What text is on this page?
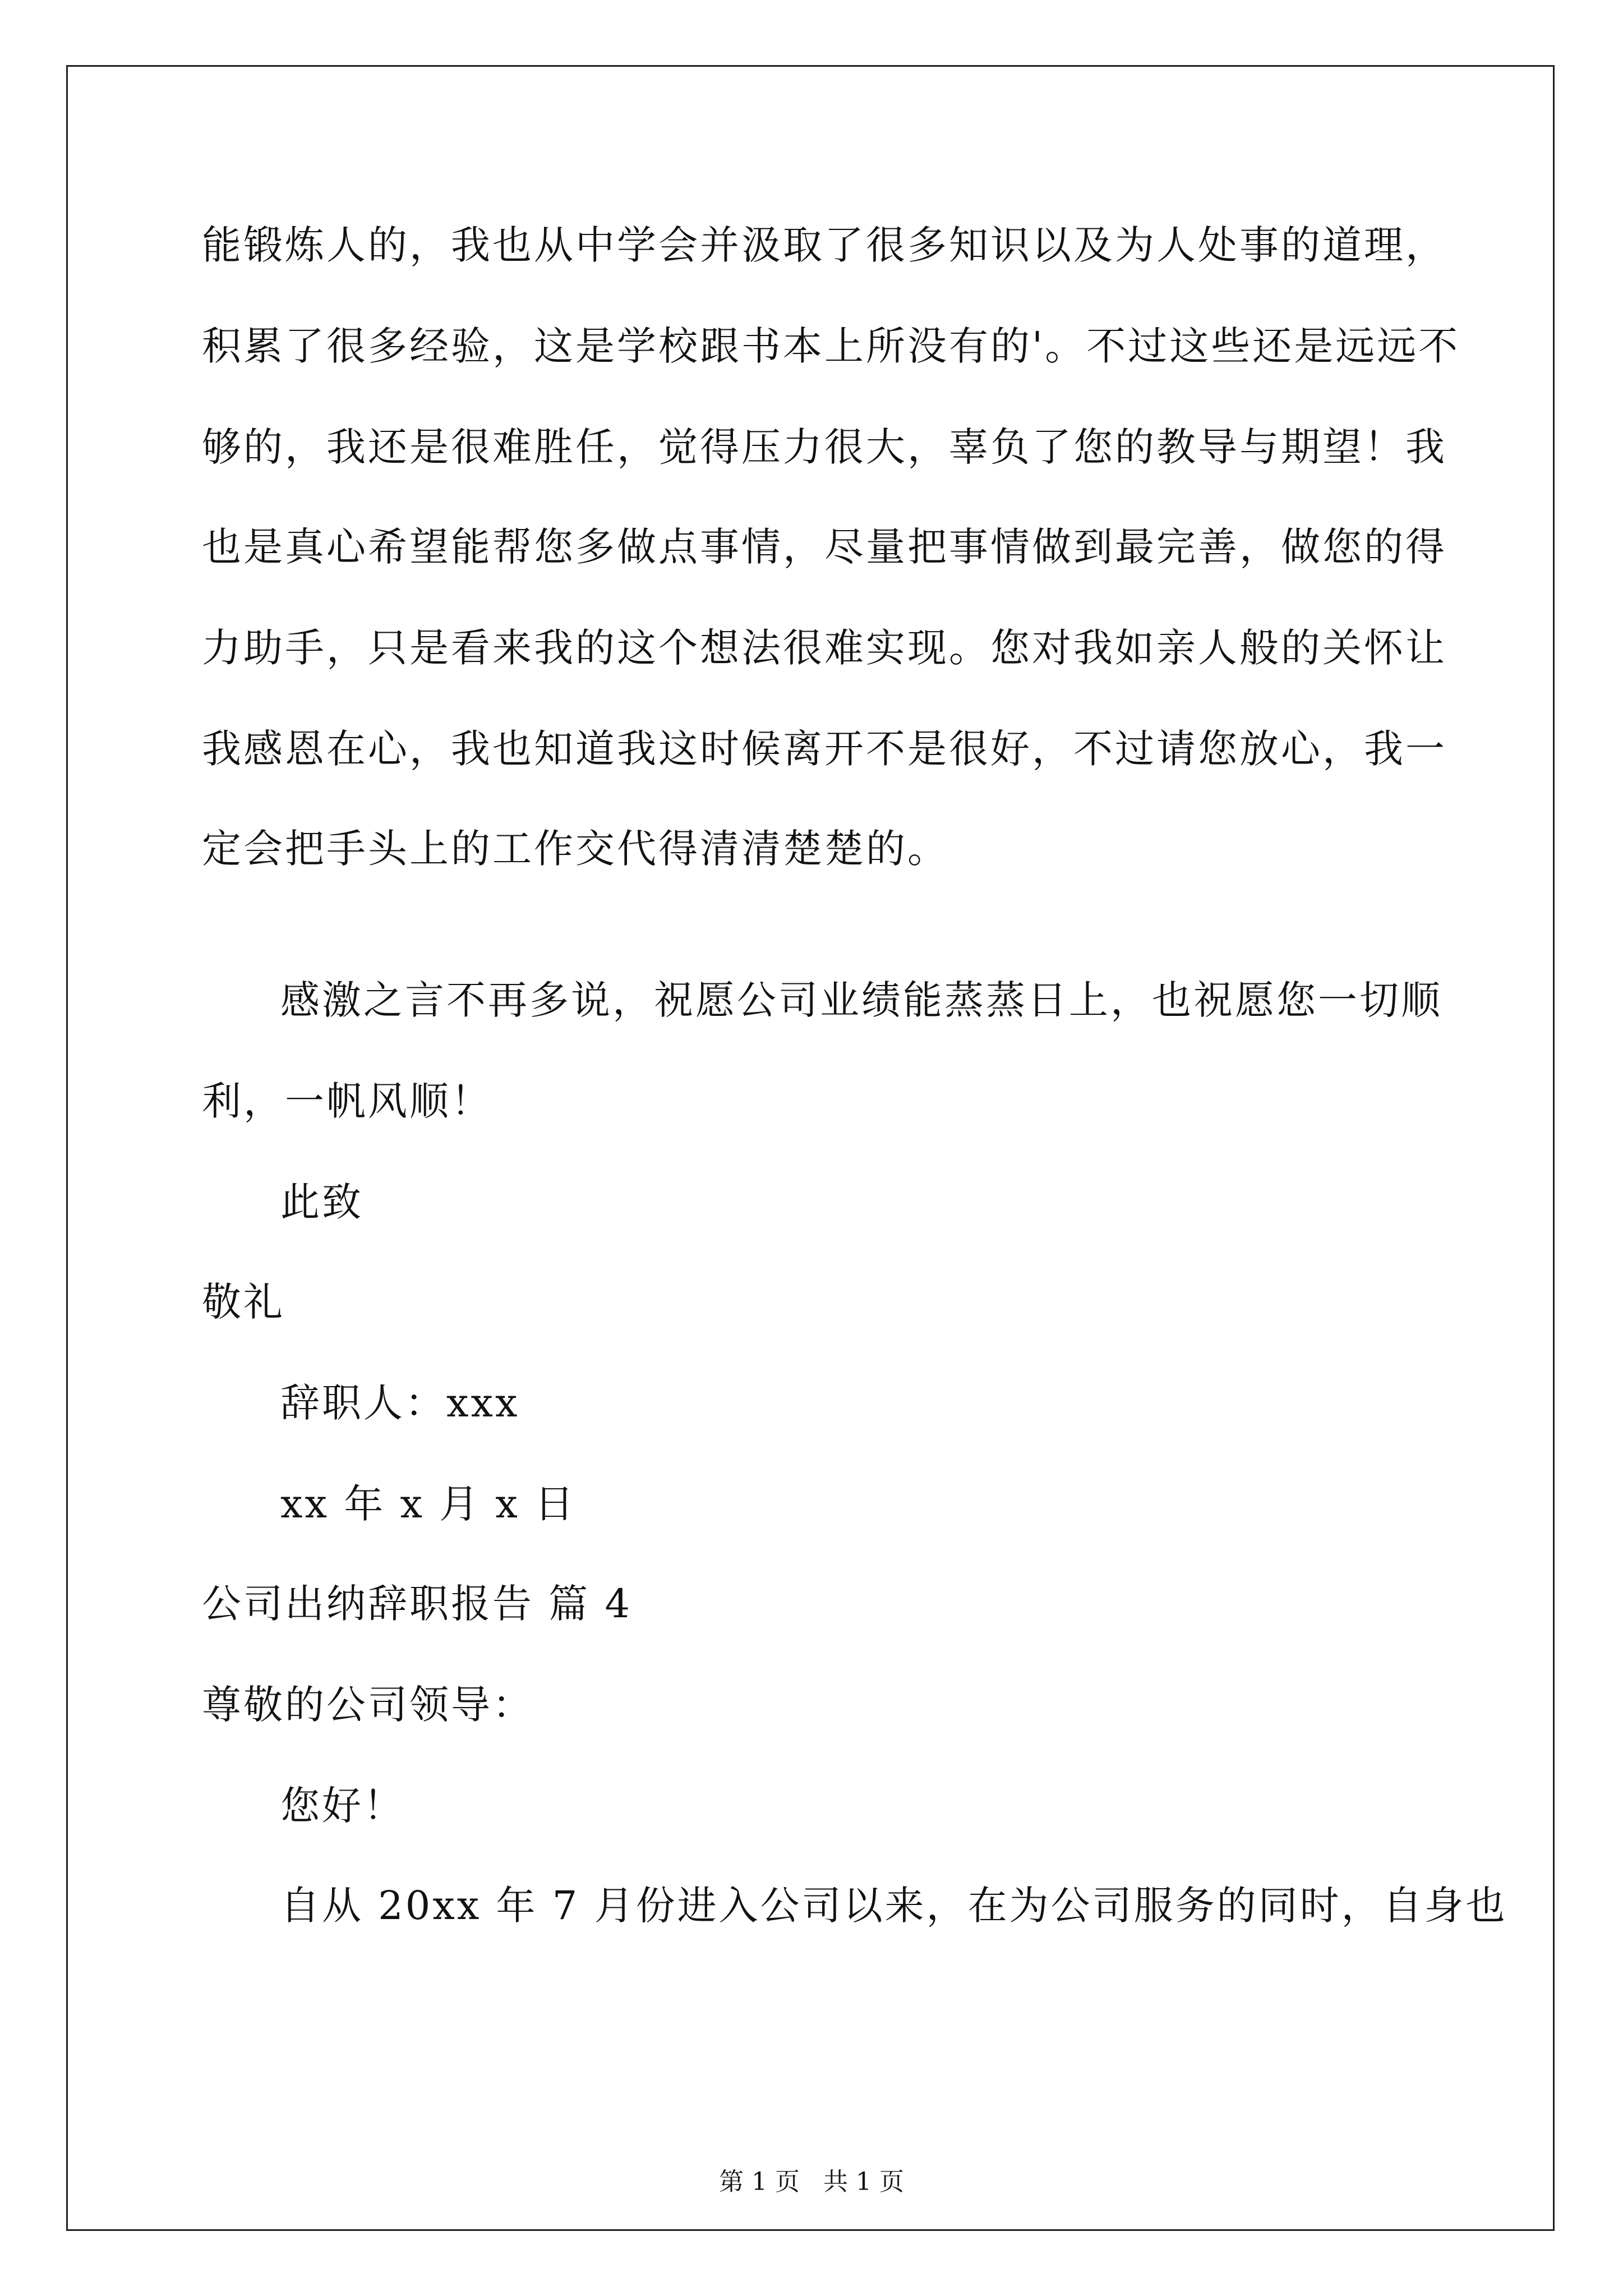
能锻炼人的，我也从中学会并汲取了很多知识以及为人处事的道理，
积累了很多经验，这是学校跟书本上所没有的'。不过这些还是远远不
够的，我还是很难胜任，觉得压力很大，辜负了您的教导与期望！我
也是真心希望能帮您多做点事情，尽量把事情做到最完善，做您的得
力助手，只是看来我的这个想法很难实现。您对我如亲人般的关怀让
我感恩在心，我也知道我这时候离开不是很好，不过请您放心，我一
定会把手头上的工作交代得清清楚楚的。
感激之言不再多说，祝愿公司业绩能蒸蒸日上，也祝愿您一切顺
利，一帆风顺！
此致
敬礼
辞职人：xxx
xx 年 x 月 x 日
公司出纳辞职报告 篇 4
尊敬的公司领导：
您好！
自从 20xx 年 7 月份进入公司以来，在为公司服务的同时，自身也
第 1 页   共 1 页
